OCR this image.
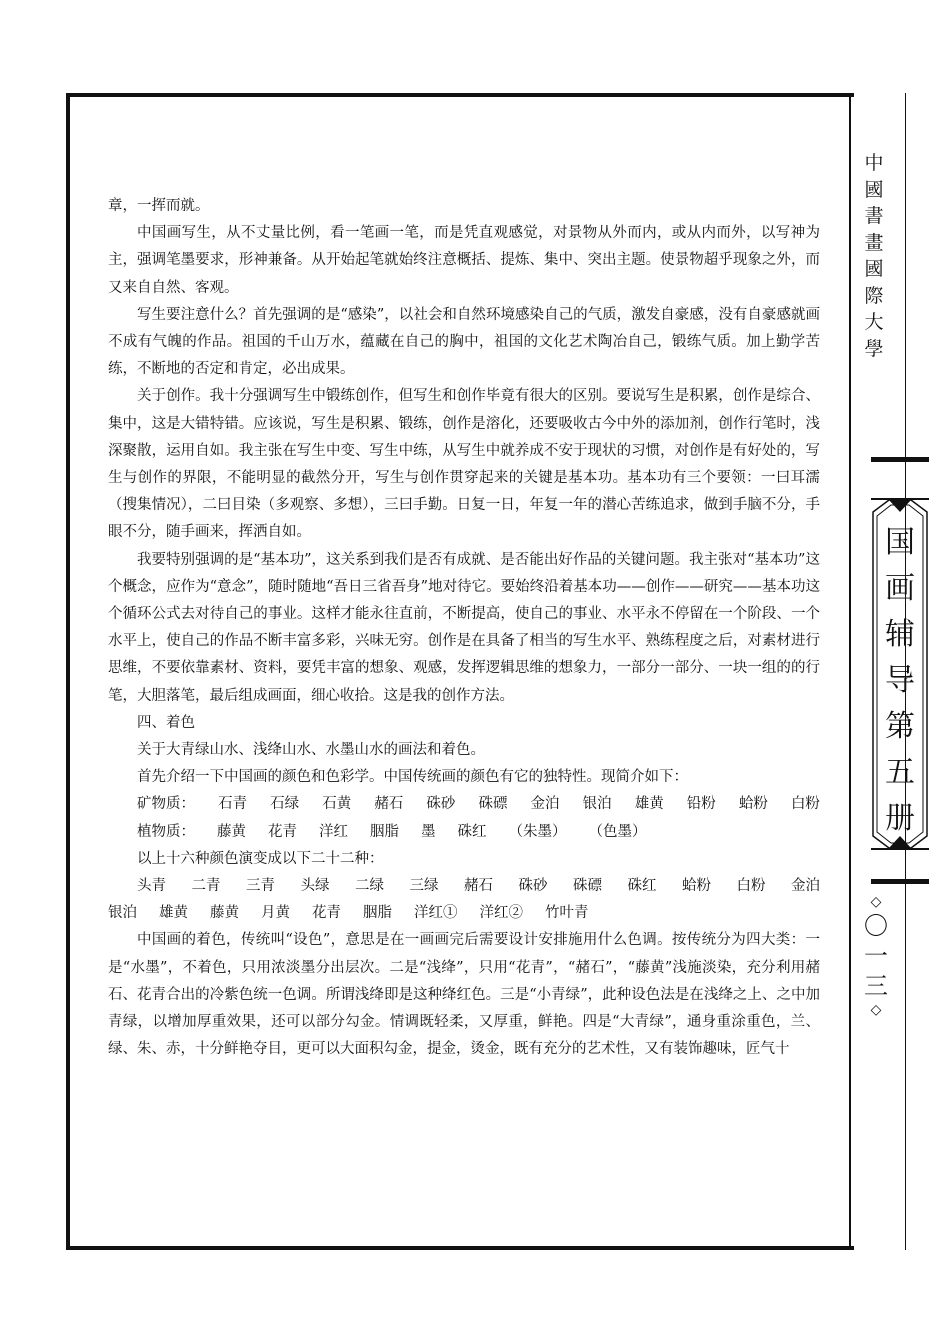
章，一挥而就。

中国画写生，从不丈量比例，看一笔画一笔，而是凭直观感觉，对景物从外而内，或从内而外，以写神为主，强调笔墨要求，形神兼备。从开始起笔就始终注意概括、提炼、集中、突出主题。使景物超乎现象之外，而又来自自然、客观。

写生要注意什么？首先强调的是“感染”，以社会和自然环境感染自己的气质，激发自豪感，没有自豪感就画不成有气魄的作品。祖国的千山万水，蕴藏在自己的胸中，祖国的文化艺术陶冶自己，锻练气质。加上勤学苦练，不断地的否定和肯定，必出成果。

关于创作。我十分强调写生中锻练创作，但写生和创作毕竟有很大的区别。要说写生是积累，创作是综合、集中，这是大错特错。应该说，写生是积累、锻练，创作是溶化，还要吸收古今中外的添加剂，创作行笔时，浅深聚散，运用自如。我主张在写生中变、写生中练，从写生中就养成不安于现状的习惯，对创作是有好处的，写生与创作的界限，不能明显的截然分开，写生与创作贯穿起来的关键是基本功。基本功有三个要领：一曰耳濡（搜集情况），二曰目染（多观察、多想），三曰手勤。日复一日，年复一年的潜心苦练追求，做到手脑不分，手眼不分，随手画来，挥洒自如。

我要特别强调的是“基本功”，这关系到我们是否有成就、是否能出好作品的关键问题。我主张对“基本功”这个概念，应作为“意念”，随时随地“吾日三省吾身”地对待它。要始终沿着基本功——创作——研究——基本功这个循环公式去对待自己的事业。这样才能永往直前，不断提高，使自己的事业、水平永不停留在一个阶段、一个水平上，使自己的作品不断丰富多彩，兴味无穷。创作是在具备了相当的写生水平、熟练程度之后，对素材进行思维，不要依靠素材、资料，要凭丰富的想象、观感，发挥逻辑思维的想象力，一部分一部分、一块一组的的行笔，大胆落笔，最后组成画面，细心收拾。这是我的创作方法。

四、着色

关于大青绿山水、浅绛山水、水墨山水的画法和着色。

首先介绍一下中国画的颜色和色彩学。中国传统画的颜色有它的独特性。现简介如下：

矿物质： 石青 石绿 石黄 赭石 硃砂 硃磦 金泊 银泊 雄黄 铅粉 蛤粉 白粉

植物质： 藤黄 花青 洋红 胭脂 墨 硃红 （朱墨） （色墨）

以上十六种颜色演变成以下二十二种：

头青 二青 三青 头绿 二绿 三绿 赭石 硃砂 硃磦 硃红 蛤粉 白粉 金泊

银泊 雄黄 藤黄 月黄 花青 胭脂 洋红① 洋红② 竹叶青

中国画的着色，传统叫“设色”，意思是在一画画完后需要设计安排施用什么色调。按传统分为四大类：一是“水墨”，不着色，只用浓淡墨分出层次。二是“浅绛”，只用“花青”，“赭石”，“藤黄”浅施淡染，充分利用赭石、花青合出的冷紫色统一色调。所谓浅绛即是这种绛红色。三是“小青绿”，此种设色法是在浅绛之上、之中加青绿，以增加厚重效果，还可以部分勾金。情调既轻柔，又厚重，鲜艳。四是“大青绿”，通身重涂重色，兰、绿、朱、赤，十分鲜艳夺目，更可以大面积勾金，提金，烫金，既有充分的艺术性，又有装饰趣味，匠气十

中
國
書
畫
國
際
大
學
国
画
辅
导
第
五
册
◇
〇
一
三
◇
